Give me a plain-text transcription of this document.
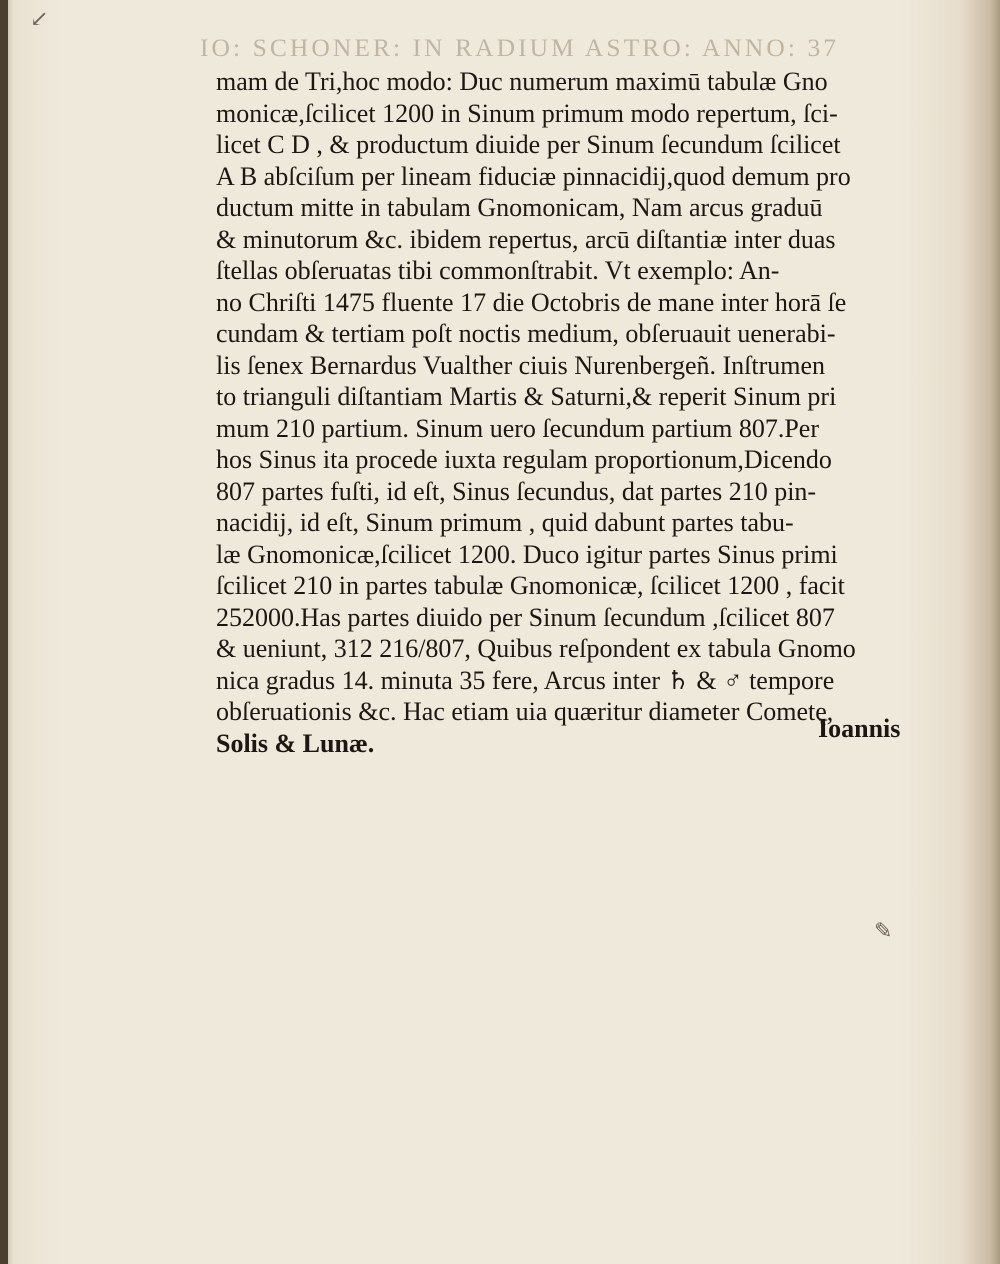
IO: SCHONER: IN RADIUM ASTRO: ANNO: 37
mam de Tri,hoc modo: Duc numerum maximū tabulæ Gno
monicæ,ſcilicet 1200 in Sinum primum modo repertum, ſci-
licet C D , & productum diuide per Sinum ſecundum ſcilicet
A B abſciſum per lineam fiduciæ pinnacidij,quod demum pro
ductum mitte in tabulam Gnomonicam, Nam arcus graduū
& minutorum &c. ibidem repertus, arcū diſtantiæ inter duas
ſtellas obſeruatas tibi commonſtrabit. Vt exemplo: An-
no Chriſti 1475 fluente 17 die Octobris de mane inter horā ſe
cundam & tertiam poſt noctis medium, obſeruauit uenerabi-
lis ſenex Bernardus Vualther ciuis Nurenbergeñ. Inſtrumen
to trianguli diſtantiam Martis & Saturni,& reperit Sinum pri
mum 210 partium. Sinum uero ſecundum partium 807.Per
hos Sinus ita procede iuxta regulam proportionum,Dicendo
807 partes fuſti, id eſt, Sinus ſecundus, dat partes 210 pin-
nacidij, id eſt, Sinum primum , quid dabunt partes tabu-
læ Gnomonicæ,ſcilicet 1200. Duco igitur partes Sinus primi
ſcilicet 210 in partes tabulæ Gnomonicæ, ſcilicet 1200 , facit
252000.Has partes diuido per Sinum ſecundum ,ſcilicet 807
& ueniunt, 312 216/807, Quibus reſpondent ex tabula Gnomo
nica gradus 14. minuta 35 fere, Arcus inter ♄ & ♂ tempore
obſeruationis &c. Hac etiam uia quæritur diameter Cometę,
Solis & Lunæ.	Ioannis
↙
✎
